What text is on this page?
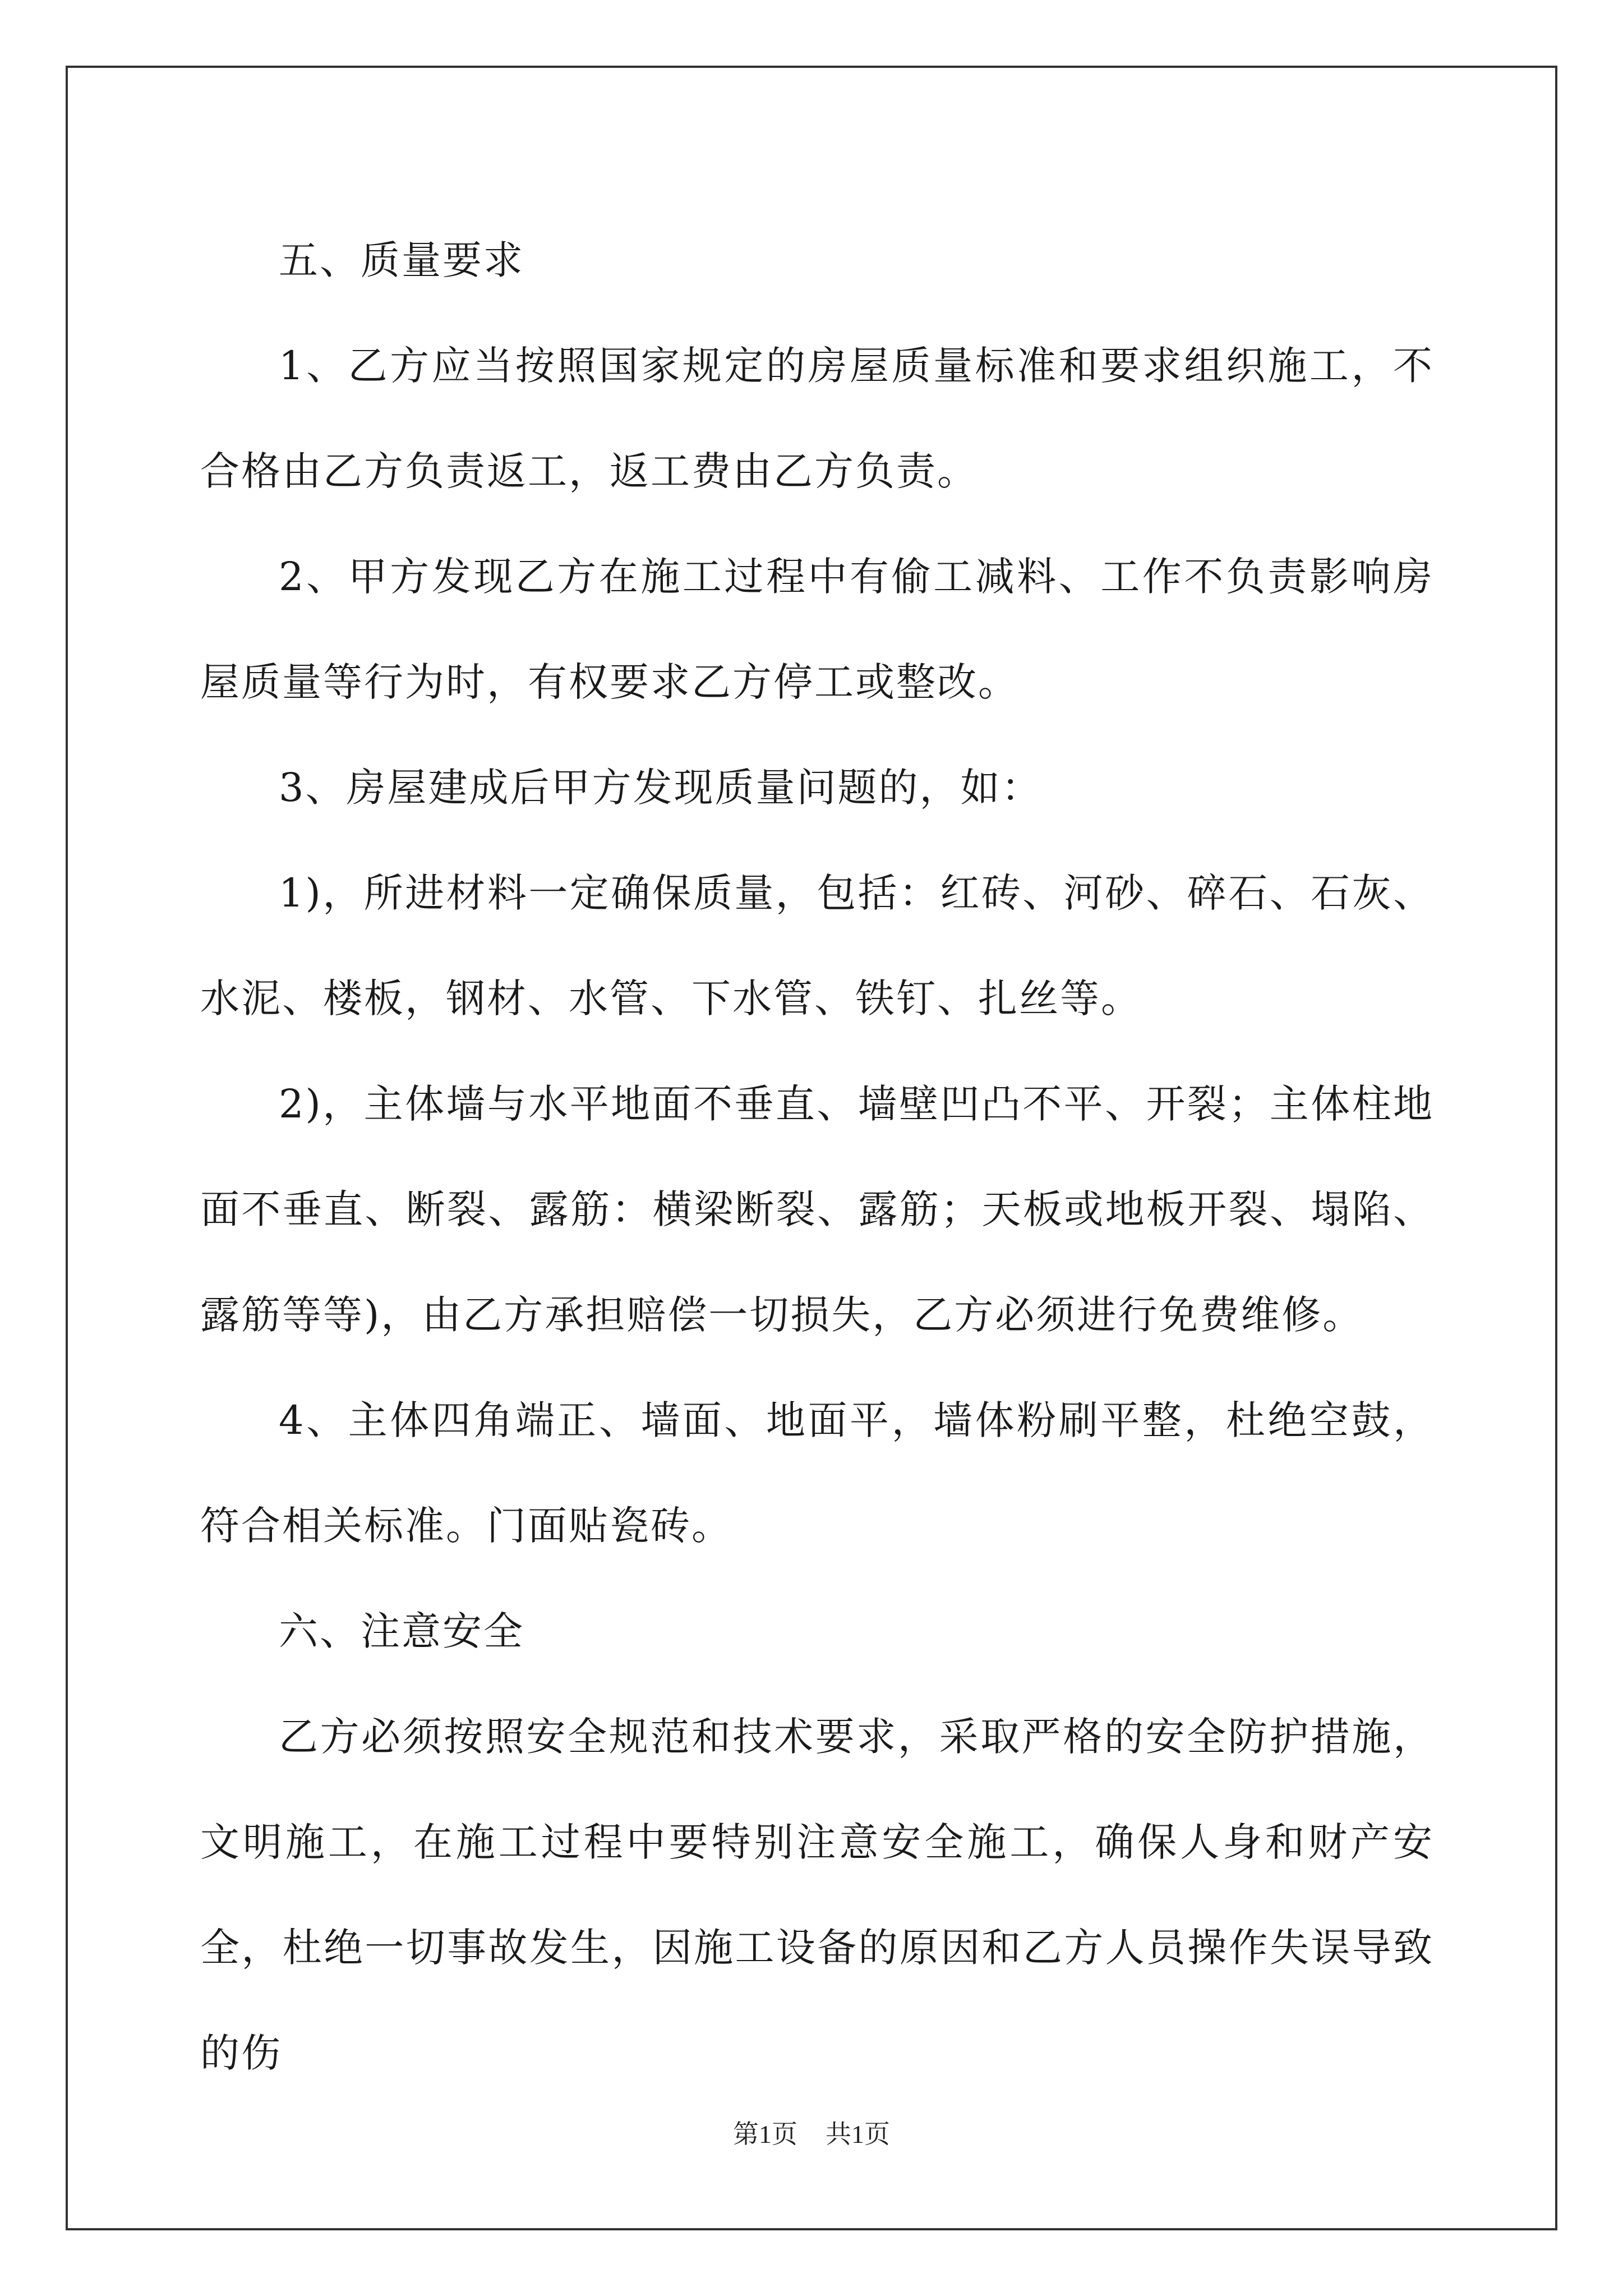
五、质量要求

1、乙方应当按照国家规定的房屋质量标准和要求组织施工，不合格由乙方负责返工，返工费由乙方负责。

2、甲方发现乙方在施工过程中有偷工减料、工作不负责影响房屋质量等行为时，有权要求乙方停工或整改。

3、房屋建成后甲方发现质量问题的，如：

1)，所进材料一定确保质量，包括：红砖、河砂、碎石、石灰、水泥、楼板，钢材、水管、下水管、铁钉、扎丝等。

2)，主体墙与水平地面不垂直、墙壁凹凸不平、开裂；主体柱地面不垂直、断裂、露筋：横梁断裂、露筋；天板或地板开裂、塌陷、露筋等等)，由乙方承担赔偿一切损失，乙方必须进行免费维修。

4、主体四角端正、墙面、地面平，墙体粉刷平整，杜绝空鼓，符合相关标准。门面贴瓷砖。

六、注意安全

乙方必须按照安全规范和技术要求，采取严格的安全防护措施，文明施工，在施工过程中要特别注意安全施工，确保人身和财产安全，杜绝一切事故发生，因施工设备的原因和乙方人员操作失误导致的伤

第1页 共1页
